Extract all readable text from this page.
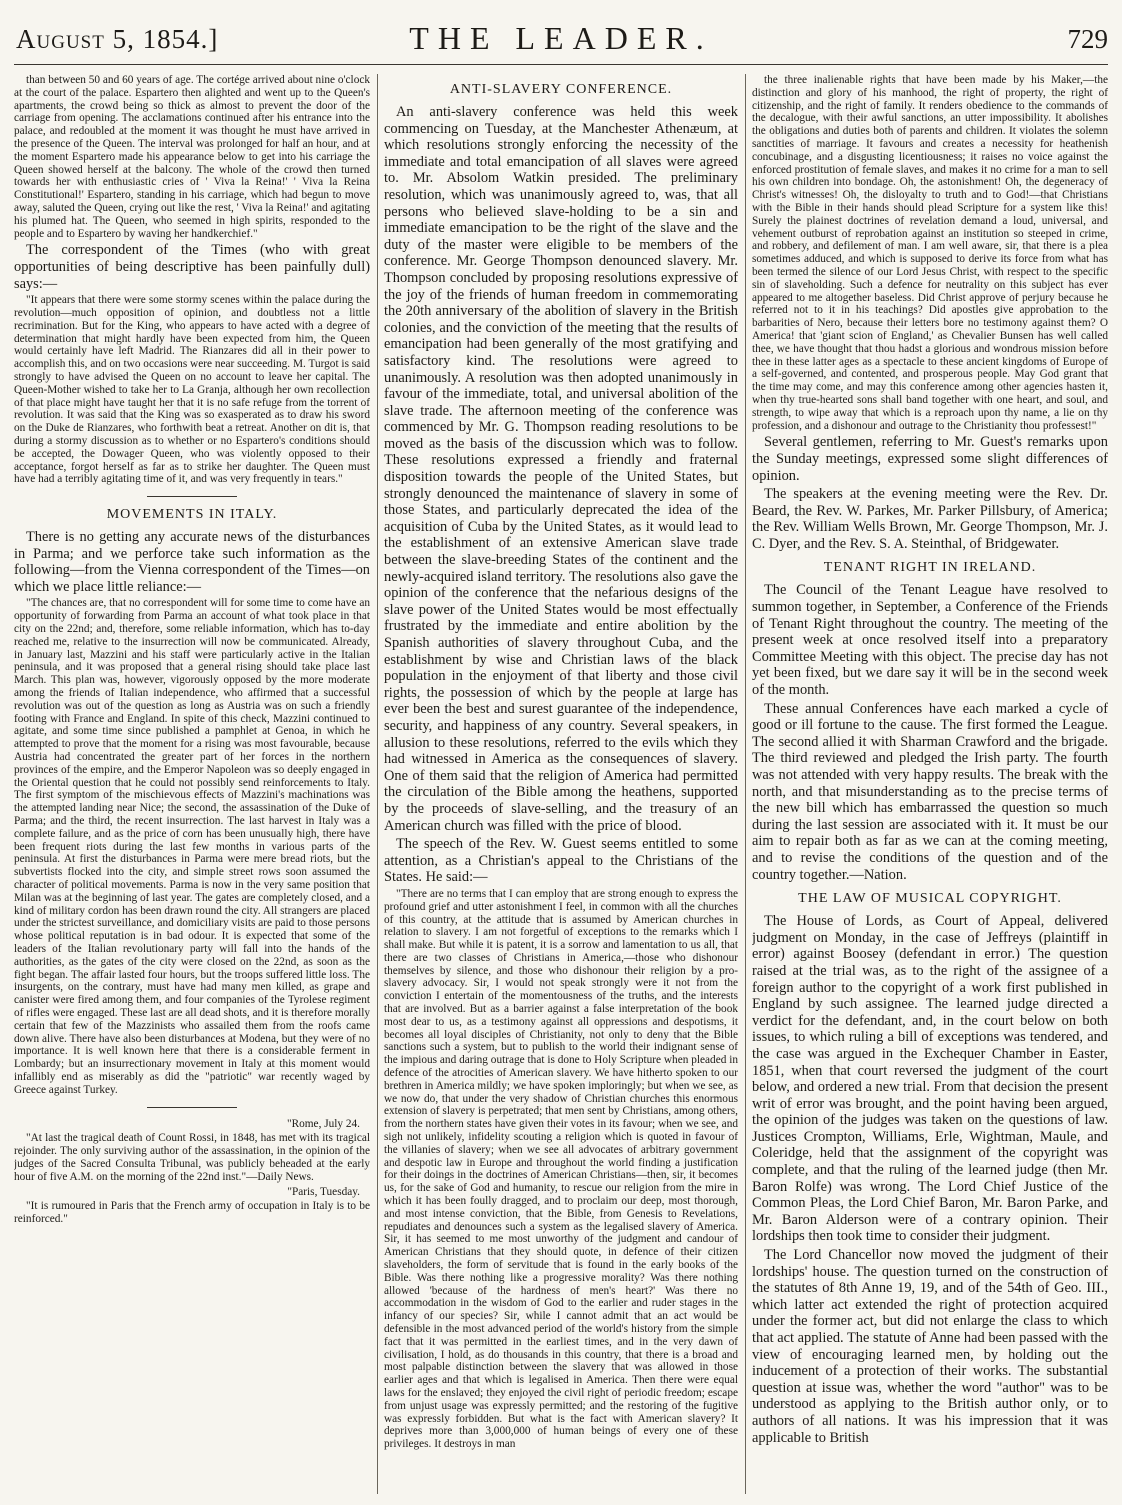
August 5, 1854.]	THE LEADER.	729

than between 50 and 60 years of age. The cortége arrived about nine o'clock at the court of the palace. Espartero then alighted and went up to the Queen's apartments, the crowd being so thick as almost to prevent the door of the carriage from opening. The acclamations continued after his entrance into the palace, and redoubled at the moment it was thought he must have arrived in the presence of the Queen. The interval was prolonged for half an hour, and at the moment Espartero made his appearance below to get into his carriage the Queen showed herself at the balcony. The whole of the crowd then turned towards her with enthusiastic cries of ' Viva la Reina!' ' Viva la Reina Constitutional!' Espartero, standing in his carriage, which had begun to move away, saluted the Queen, crying out like the rest, ' Viva la Reina!' and agitating his plumed hat. The Queen, who seemed in high spirits, responded to the people and to Espartero by waving her handkerchief."

The correspondent of the Times (who with great opportunities of being descriptive has been painfully dull) says:—

"It appears that there were some stormy scenes within the palace during the revolution—much opposition of opinion, and doubtless not a little recrimination. But for the King, who appears to have acted with a degree of determination that might hardly have been expected from him, the Queen would certainly have left Madrid. The Rianzares did all in their power to accomplish this, and on two occasions were near succeeding. M. Turgot is said strongly to have advised the Queen on no account to leave her capital. The Queen-Mother wished to take her to La Granja, although her own recollection of that place might have taught her that it is no safe refuge from the torrent of revolution. It was said that the King was so exasperated as to draw his sword on the Duke de Rianzares, who forthwith beat a retreat. Another on dit is, that during a stormy discussion as to whether or no Espartero's conditions should be accepted, the Dowager Queen, who was violently opposed to their acceptance, forgot herself as far as to strike her daughter. The Queen must have had a terribly agitating time of it, and was very frequently in tears."

MOVEMENTS IN ITALY.

There is no getting any accurate news of the disturbances in Parma; and we perforce take such information as the following—from the Vienna correspondent of the Times—on which we place little reliance:—

"The chances are, that no correspondent will for some time to come have an opportunity of forwarding from Parma an account of what took place in that city on the 22nd; and, therefore, some reliable information, which has to-day reached me, relative to the insurrection will now be communicated. Already, in January last, Mazzini and his staff were particularly active in the Italian peninsula, and it was proposed that a general rising should take place last March. This plan was, however, vigorously opposed by the more moderate among the friends of Italian independence, who affirmed that a successful revolution was out of the question as long as Austria was on such a friendly footing with France and England. In spite of this check, Mazzini continued to agitate, and some time since published a pamphlet at Genoa, in which he attempted to prove that the moment for a rising was most favourable, because Austria had concentrated the greater part of her forces in the northern provinces of the empire, and the Emperor Napoleon was so deeply engaged in the Oriental question that he could not possibly send reinforcements to Italy. The first symptom of the mischievous effects of Mazzini's machinations was the attempted landing near Nice; the second, the assassination of the Duke of Parma; and the third, the recent insurrection. The last harvest in Italy was a complete failure, and as the price of corn has been unusually high, there have been frequent riots during the last few months in various parts of the peninsula. At first the disturbances in Parma were mere bread riots, but the subvertists flocked into the city, and simple street rows soon assumed the character of political movements. Parma is now in the very same position that Milan was at the beginning of last year. The gates are completely closed, and a kind of military cordon has been drawn round the city. All strangers are placed under the strictest surveillance, and domiciliary visits are paid to those persons whose political reputation is in bad odour. It is expected that some of the leaders of the Italian revolutionary party will fall into the hands of the authorities, as the gates of the city were closed on the 22nd, as soon as the fight began. The affair lasted four hours, but the troops suffered little loss. The insurgents, on the contrary, must have had many men killed, as grape and canister were fired among them, and four companies of the Tyrolese regiment of rifles were engaged. These last are all dead shots, and it is therefore morally certain that few of the Mazzinists who assailed them from the roofs came down alive. There have also been disturbances at Modena, but they were of no importance. It is well known here that there is a considerable ferment in Lombardy; but an insurrectionary movement in Italy at this moment would infallibly end as miserably as did the "patriotic" war recently waged by Greece against Turkey.

"Rome, July 24.

"At last the tragical death of Count Rossi, in 1848, has met with its tragical rejoinder. The only surviving author of the assassination, in the opinion of the judges of the Sacred Consulta Tribunal, was publicly beheaded at the early hour of five A.M. on the morning of the 22nd inst."—Daily News.

"Paris, Tuesday.

"It is rumoured in Paris that the French army of occupation in Italy is to be reinforced."

ANTI-SLAVERY CONFERENCE.

An anti-slavery conference was held this week commencing on Tuesday, at the Manchester Athenæum, at which resolutions strongly enforcing the necessity of the immediate and total emancipation of all slaves were agreed to. Mr. Absolom Watkin presided. The preliminary resolution, which was unanimously agreed to, was, that all persons who believed slave-holding to be a sin and immediate emancipation to be the right of the slave and the duty of the master were eligible to be members of the conference. Mr. George Thompson denounced slavery. Mr. Thompson concluded by proposing resolutions expressive of the joy of the friends of human freedom in commemorating the 20th anniversary of the abolition of slavery in the British colonies, and the conviction of the meeting that the results of emancipation had been generally of the most gratifying and satisfactory kind. The resolutions were agreed to unanimously. A resolution was then adopted unanimously in favour of the immediate, total, and universal abolition of the slave trade. The afternoon meeting of the conference was commenced by Mr. G. Thompson reading resolutions to be moved as the basis of the discussion which was to follow. These resolutions expressed a friendly and fraternal disposition towards the people of the United States, but strongly denounced the maintenance of slavery in some of those States, and particularly deprecated the idea of the acquisition of Cuba by the United States, as it would lead to the establishment of an extensive American slave trade between the slave-breeding States of the continent and the newly-acquired island territory. The resolutions also gave the opinion of the conference that the nefarious designs of the slave power of the United States would be most effectually frustrated by the immediate and entire abolition by the Spanish authorities of slavery throughout Cuba, and the establishment by wise and Christian laws of the black population in the enjoyment of that liberty and those civil rights, the possession of which by the people at large has ever been the best and surest guarantee of the independence, security, and happiness of any country. Several speakers, in allusion to these resolutions, referred to the evils which they had witnessed in America as the consequences of slavery. One of them said that the religion of America had permitted the circulation of the Bible among the heathens, supported by the proceeds of slave-selling, and the treasury of an American church was filled with the price of blood.

The speech of the Rev. W. Guest seems entitled to some attention, as a Christian's appeal to the Christians of the States. He said:—

"There are no terms that I can employ that are strong enough to express the profound grief and utter astonishment I feel, in common with all the churches of this country, at the attitude that is assumed by American churches in relation to slavery. I am not forgetful of exceptions to the remarks which I shall make. But while it is patent, it is a sorrow and lamentation to us all, that there are two classes of Christians in America,—those who dishonour themselves by silence, and those who dishonour their religion by a pro-slavery advocacy. Sir, I would not speak strongly were it not from the conviction I entertain of the momentousness of the truths, and the interests that are involved. But as a barrier against a false interpretation of the book most dear to us, as a testimony against all oppressions and despotisms, it becomes all loyal disciples of Christianity, not only to deny that the Bible sanctions such a system, but to publish to the world their indignant sense of the impious and daring outrage that is done to Holy Scripture when pleaded in defence of the atrocities of American slavery. We have hitherto spoken to our brethren in America mildly; we have spoken imploringly; but when we see, as we now do, that under the very shadow of Christian churches this enormous extension of slavery is perpetrated; that men sent by Christians, among others, from the northern states have given their votes in its favour; when we see, and sigh not unlikely, infidelity scouting a religion which is quoted in favour of the villanies of slavery; when we see all advocates of arbitrary government and despotic law in Europe and throughout the world finding a justification for their doings in the doctrines of American Christians—then, sir, it becomes us, for the sake of God and humanity, to rescue our religion from the mire in which it has been foully dragged, and to proclaim our deep, most thorough, and most intense conviction, that the Bible, from Genesis to Revelations, repudiates and denounces such a system as the legalised slavery of America. Sir, it has seemed to me most unworthy of the judgment and candour of American Christians that they should quote, in defence of their citizen slaveholders, the form of servitude that is found in the early books of the Bible. Was there nothing like a progressive morality? Was there nothing allowed 'because of the hardness of men's heart?' Was there no accommodation in the wisdom of God to the earlier and ruder stages in the infancy of our species? Sir, while I cannot admit that an act would be defensible in the most advanced period of the world's history from the simple fact that it was permitted in the earliest times, and in the very dawn of civilisation, I hold, as do thousands in this country, that there is a broad and most palpable distinction between the slavery that was allowed in those earlier ages and that which is legalised in America. Then there were equal laws for the enslaved; they enjoyed the civil right of periodic freedom; escape from unjust usage was expressly permitted; and the restoring of the fugitive was expressly forbidden. But what is the fact with American slavery? It deprives more than 3,000,000 of human beings of every one of these privileges. It destroys in man

the three inalienable rights that have been made by his Maker,—the distinction and glory of his manhood, the right of property, the right of citizenship, and the right of family. It renders obedience to the commands of the decalogue, with their awful sanctions, an utter impossibility. It abolishes the obligations and duties both of parents and children. It violates the solemn sanctities of marriage. It favours and creates a necessity for heathenish concubinage, and a disgusting licentiousness; it raises no voice against the enforced prostitution of female slaves, and makes it no crime for a man to sell his own children into bondage. Oh, the astonishment! Oh, the degeneracy of Christ's witnesses! Oh, the disloyalty to truth and to God!—that Christians with the Bible in their hands should plead Scripture for a system like this! Surely the plainest doctrines of revelation demand a loud, universal, and vehement outburst of reprobation against an institution so steeped in crime, and robbery, and defilement of man. I am well aware, sir, that there is a plea sometimes adduced, and which is supposed to derive its force from what has been termed the silence of our Lord Jesus Christ, with respect to the specific sin of slaveholding. Such a defence for neutrality on this subject has ever appeared to me altogether baseless. Did Christ approve of perjury because he referred not to it in his teachings? Did apostles give approbation to the barbarities of Nero, because their letters bore no testimony against them? O America! that 'giant scion of England,' as Chevalier Bunsen has well called thee, we have thought that thou hadst a glorious and wondrous mission before thee in these latter ages as a spectacle to these ancient kingdoms of Europe of a self-governed, and contented, and prosperous people. May God grant that the time may come, and may this conference among other agencies hasten it, when thy true-hearted sons shall band together with one heart, and soul, and strength, to wipe away that which is a reproach upon thy name, a lie on thy profession, and a dishonour and outrage to the Christianity thou professest!"

Several gentlemen, referring to Mr. Guest's remarks upon the Sunday meetings, expressed some slight differences of opinion.

The speakers at the evening meeting were the Rev. Dr. Beard, the Rev. W. Parkes, Mr. Parker Pillsbury, of America; the Rev. William Wells Brown, Mr. George Thompson, Mr. J. C. Dyer, and the Rev. S. A. Steinthal, of Bridgewater.

TENANT RIGHT IN IRELAND.

The Council of the Tenant League have resolved to summon together, in September, a Conference of the Friends of Tenant Right throughout the country. The meeting of the present week at once resolved itself into a preparatory Committee Meeting with this object. The precise day has not yet been fixed, but we dare say it will be in the second week of the month.

These annual Conferences have each marked a cycle of good or ill fortune to the cause. The first formed the League. The second allied it with Sharman Crawford and the brigade. The third reviewed and pledged the Irish party. The fourth was not attended with very happy results. The break with the north, and that misunderstanding as to the precise terms of the new bill which has embarrassed the question so much during the last session are associated with it. It must be our aim to repair both as far as we can at the coming meeting, and to revise the conditions of the question and of the country together.—Nation.

THE LAW OF MUSICAL COPYRIGHT.

The House of Lords, as Court of Appeal, delivered judgment on Monday, in the case of Jeffreys (plaintiff in error) against Boosey (defendant in error.) The question raised at the trial was, as to the right of the assignee of a foreign author to the copyright of a work first published in England by such assignee. The learned judge directed a verdict for the defendant, and, in the court below on both issues, to which ruling a bill of exceptions was tendered, and the case was argued in the Exchequer Chamber in Easter, 1851, when that court reversed the judgment of the court below, and ordered a new trial. From that decision the present writ of error was brought, and the point having been argued, the opinion of the judges was taken on the questions of law. Justices Crompton, Williams, Erle, Wightman, Maule, and Coleridge, held that the assignment of the copyright was complete, and that the ruling of the learned judge (then Mr. Baron Rolfe) was wrong. The Lord Chief Justice of the Common Pleas, the Lord Chief Baron, Mr. Baron Parke, and Mr. Baron Alderson were of a contrary opinion. Their lordships then took time to consider their judgment.

The Lord Chancellor now moved the judgment of their lordships' house. The question turned on the construction of the statutes of 8th Anne 19, 19, and of the 54th of Geo. III., which latter act extended the right of protection acquired under the former act, but did not enlarge the class to which that act applied. The statute of Anne had been passed with the view of encouraging learned men, by holding out the inducement of a protection of their works. The substantial question at issue was, whether the word "author" was to be understood as applying to the British author only, or to authors of all nations. It was his impression that it was applicable to British
